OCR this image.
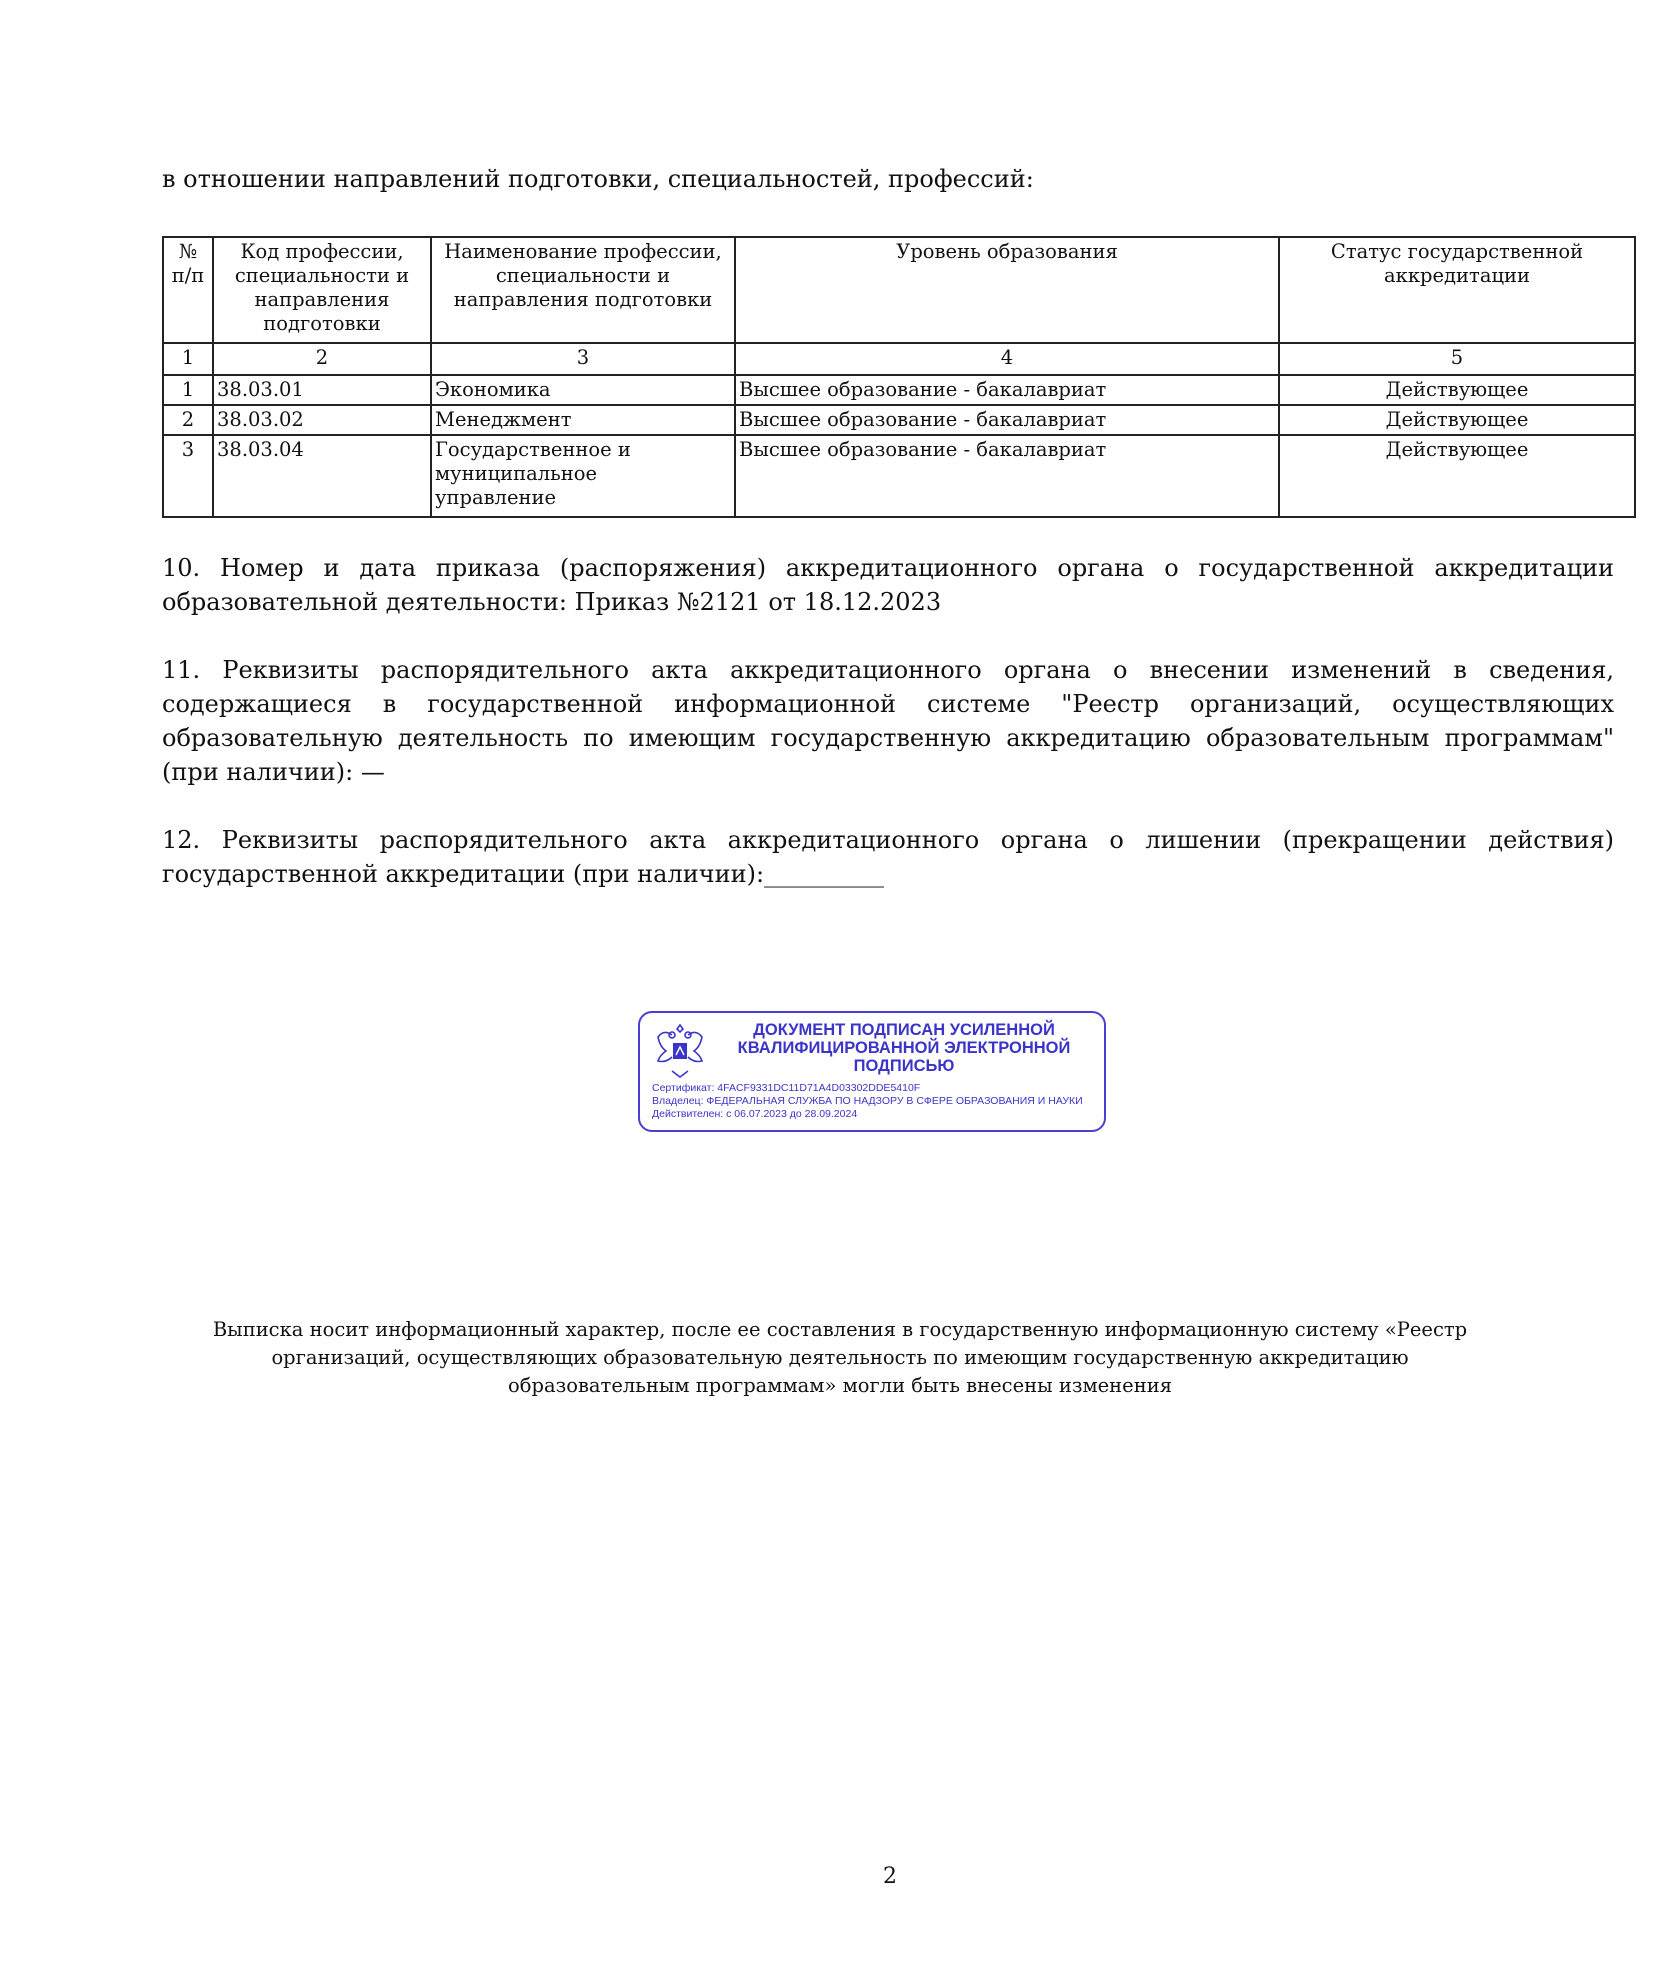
в отношении направлений подготовки, специальностей, профессий:
№ п/п	Код профессии, специальности и направления подготовки	Наименование профессии, специальности и направления подготовки	Уровень образования	Статус государственной аккредитации
1	2	3	4	5
1	38.03.01	Экономика	Высшее образование - бакалавриат	Действующее
2	38.03.02	Менеджмент	Высшее образование - бакалавриат	Действующее
3	38.03.04	Государственное и муниципальное управление	Высшее образование - бакалавриат	Действующее
10. Номер и дата приказа (распоряжения) аккредитационного органа о государственной аккредитации образовательной деятельности: Приказ №2121 от 18.12.2023
11. Реквизиты распорядительного акта аккредитационного органа о внесении изменений в сведения, содержащиеся в государственной информационной системе "Реестр организаций, осуществляющих образовательную деятельность по имеющим государственную аккредитацию образовательным программам" (при наличии): —
12. Реквизиты распорядительного акта аккредитационного органа о лишении (прекращении действия) государственной аккредитации (при наличии):__________
ДОКУМЕНТ ПОДПИСАН УСИЛЕННОЙ КВАЛИФИЦИРОВАННОЙ ЭЛЕКТРОННОЙ ПОДПИСЬЮ
Сертификат: 4FACF9331DC11D71A4D03302DDE5410F
Владелец: ФЕДЕРАЛЬНАЯ СЛУЖБА ПО НАДЗОРУ В СФЕРЕ ОБРАЗОВАНИЯ И НАУКИ
Действителен: с 06.07.2023 до 28.09.2024
Выписка носит информационный характер, после ее составления в государственную информационную систему «Реестр организаций, осуществляющих образовательную деятельность по имеющим государственную аккредитацию образовательным программам» могли быть внесены изменения
2
